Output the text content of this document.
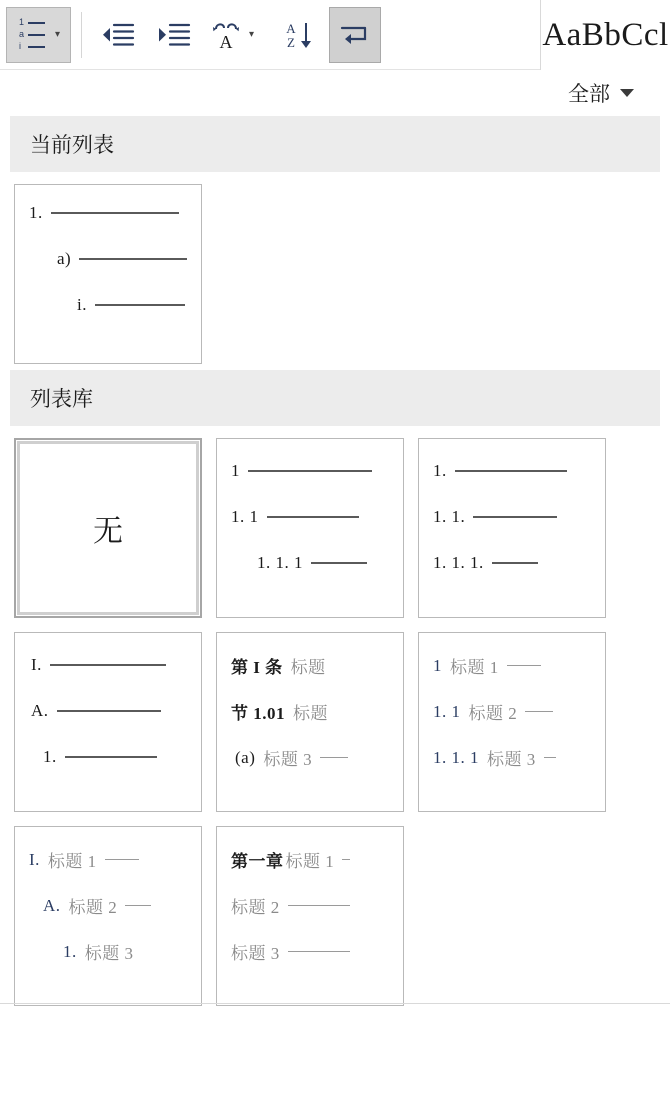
1
a
i
▾	A ▾	A
Z	AaBbCcl
全部
当前列表
1.
a)
i.
列表库
无
1
1. 1
1. 1. 1
1.
1. 1.
1. 1. 1.
I.
A.
1.
第 I 条 标题
节 1.01 标题
(a) 标题 3
1 标题 1
1. 1 标题 2
1. 1. 1 标题 3
I. 标题 1
A. 标题 2
1. 标题 3
第一章 标题 1
标题 2
标题 3
